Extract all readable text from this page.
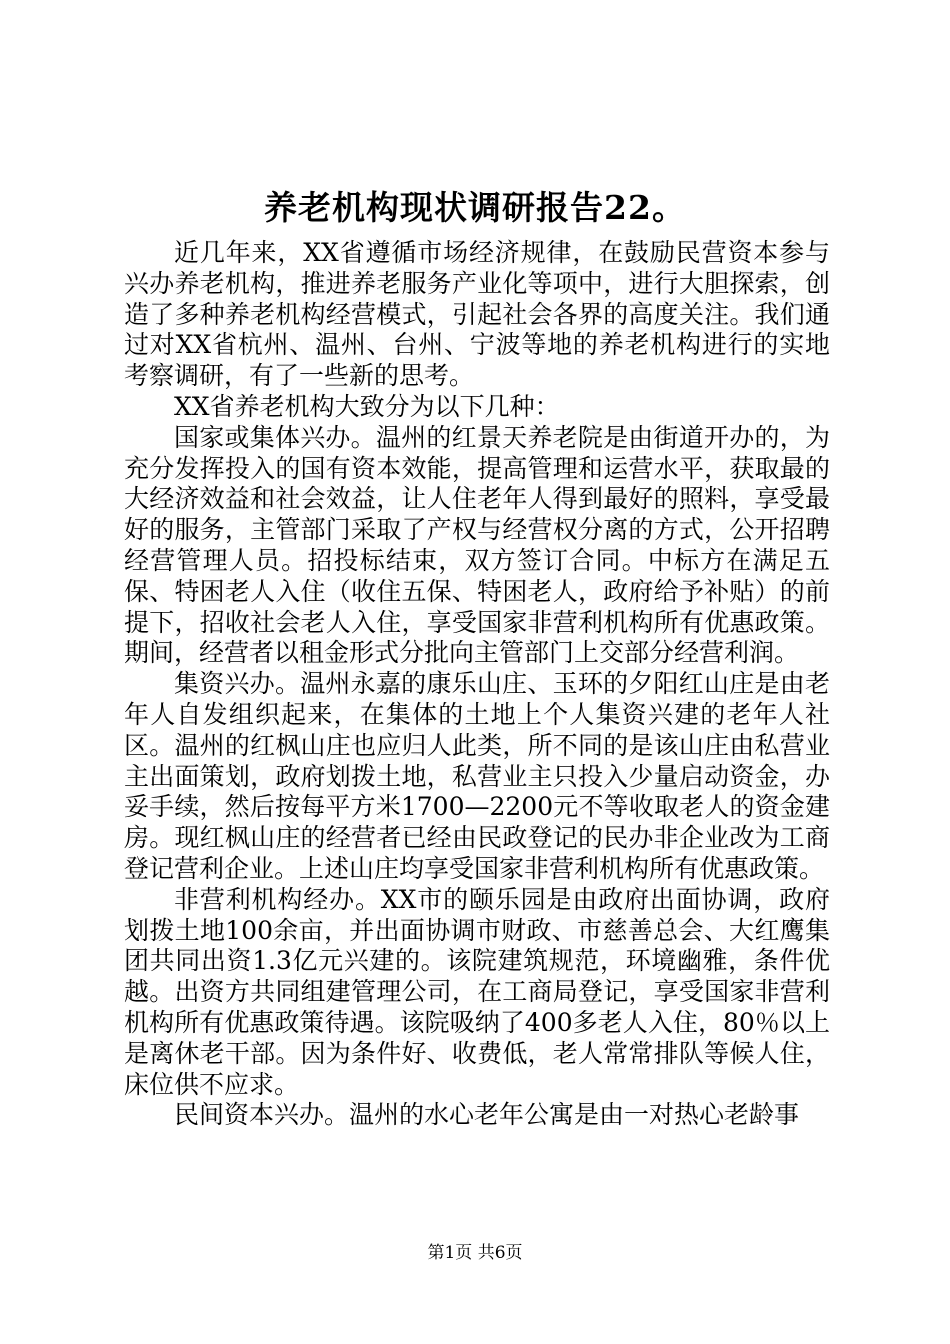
养老机构现状调研报告22。

近几年来，XX省遵循市场经济规律，在鼓励民营资本参与兴办养老机构，推进养老服务产业化等项中，进行大胆探索，创造了多种养老机构经营模式，引起社会各界的高度关注。我们通过对XX省杭州、温州、台州、宁波等地的养老机构进行的实地考察调研，有了一些新的思考。

XX省养老机构大致分为以下几种：

国家或集体兴办。温州的红景天养老院是由街道开办的，为充分发挥投入的国有资本效能，提高管理和运营水平，获取最的大经济效益和社会效益，让人住老年人得到最好的照料，享受最好的服务，主管部门采取了产权与经营权分离的方式，公开招聘经营管理人员。招投标结束，双方签订合同。中标方在满足五保、特困老人入住（收住五保、特困老人，政府给予补贴）的前提下，招收社会老人入住，享受国家非营利机构所有优惠政策。期间，经营者以租金形式分批向主管部门上交部分经营利润。

集资兴办。温州永嘉的康乐山庄、玉环的夕阳红山庄是由老年人自发组织起来，在集体的土地上个人集资兴建的老年人社区。温州的红枫山庄也应归人此类，所不同的是该山庄由私营业主出面策划，政府划拨土地，私营业主只投入少量启动资金，办妥手续，然后按每平方米1700—2200元不等收取老人的资金建房。现红枫山庄的经营者已经由民政登记的民办非企业改为工商登记营利企业。上述山庄均享受国家非营利机构所有优惠政策。

非营利机构经办。XX市的颐乐园是由政府出面协调，政府划拨土地100余亩，并出面协调市财政、市慈善总会、大红鹰集团共同出资1.3亿元兴建的。该院建筑规范，环境幽雅，条件优越。出资方共同组建管理公司，在工商局登记，享受国家非营利机构所有优惠政策待遇。该院吸纳了400多老人入住，80％以上是离休老干部。因为条件好、收费低，老人常常排队等候人住，床位供不应求。

民间资本兴办。温州的水心老年公寓是由一对热心老龄事

第1页 共6页
